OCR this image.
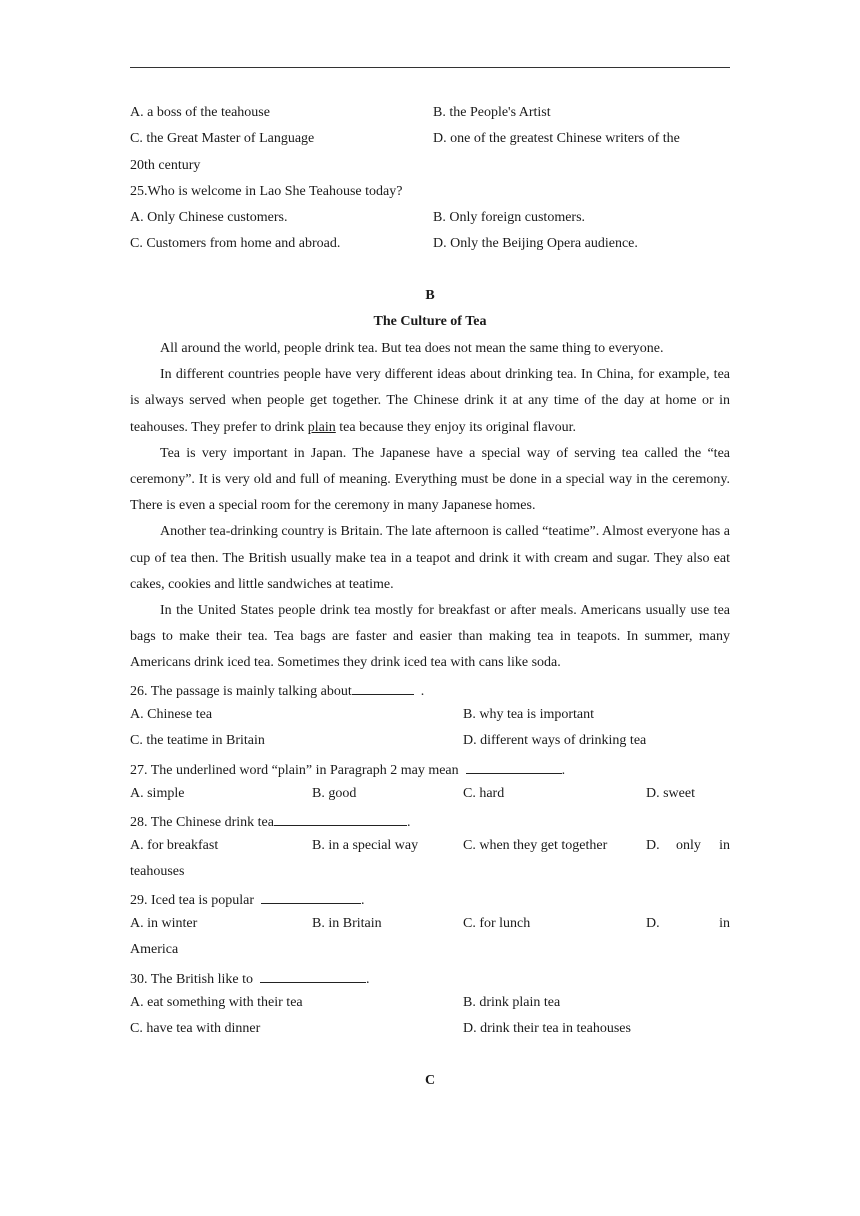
A. a boss of the teahouse	B. the People's Artist
C. the Great Master of Language	D. one of the greatest Chinese writers of the
20th century
25.Who is welcome in Lao She Teahouse today?
A. Only Chinese customers.	B. Only foreign customers.
C. Customers from home and abroad.	D. Only the Beijing Opera audience.
B
The Culture of Tea

All around the world, people drink tea. But tea does not mean the same thing to everyone.

In different countries people have very different ideas about drinking tea. In China, for example, tea is always served when people get together. The Chinese drink it at any time of the day at home or in teahouses. They prefer to drink plain tea because they enjoy its original flavour.

Tea is very important in Japan. The Japanese have a special way of serving tea called the “tea ceremony”. It is very old and full of meaning. Everything must be done in a special way in the ceremony. There is even a special room for the ceremony in many Japanese homes.

Another tea-drinking country is Britain. The late afternoon is called “teatime”. Almost everyone has a cup of tea then. The British usually make tea in a teapot and drink it with cream and sugar. They also eat cakes, cookies and little sandwiches at teatime.

In the United States people drink tea mostly for breakfast or after meals. Americans usually use tea bags to make their tea. Tea bags are faster and easier than making tea in teapots. In summer, many Americans drink iced tea. Sometimes they drink iced tea with cans like soda.

26. The passage is mainly talking about	.
A. Chinese tea	B. why tea is important
C. the teatime in Britain	D. different ways of drinking tea
27. The underlined word “plain” in Paragraph 2 may mean	.
A. simple	B. good	C. hard	D. sweet
28. The Chinese drink tea	.
A. for breakfast	B. in a special way	C. when they get together	D. only in
teahouses
29. Iced tea is popular	.
A. in winter	B. in Britain	C. for lunch	D.	in
America
30. The British like to	.
A. eat something with their tea	B. drink plain tea
C. have tea with dinner	D. drink their tea in teahouses
C
